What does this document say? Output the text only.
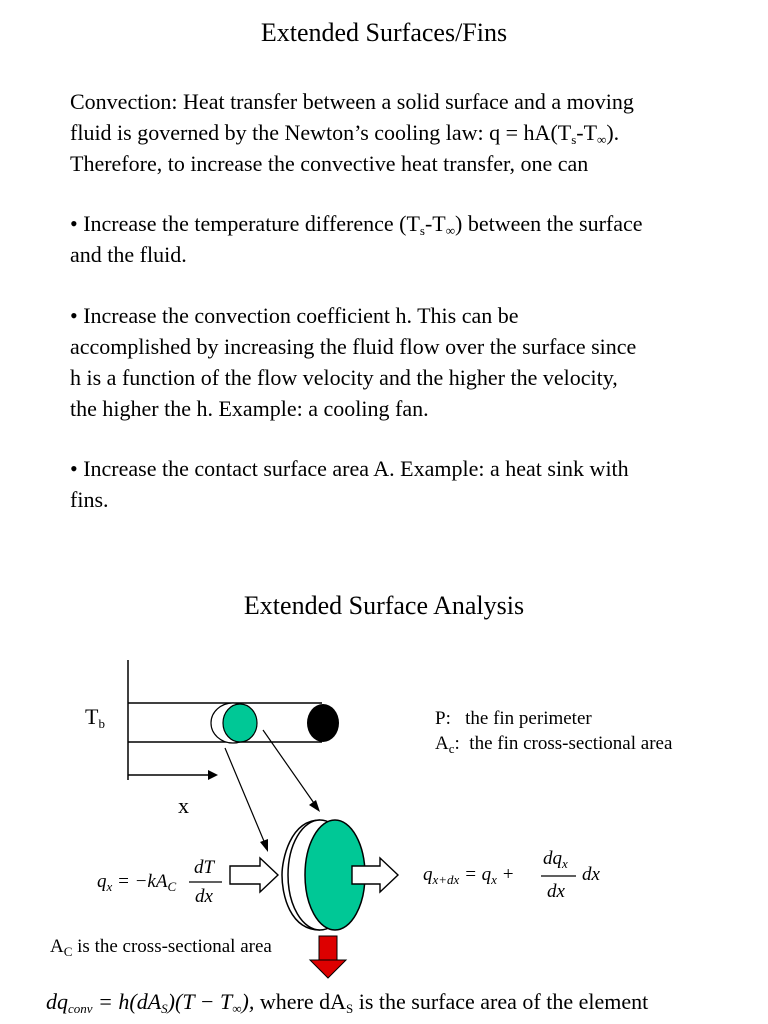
Extended Surfaces/Fins

Convection: Heat transfer between a solid surface and a moving

fluid is governed by the Newton’s cooling law: $q = hA(T_s-T_\infty)$.

Therefore, to increase the convective heat transfer, one can

• Increase the temperature difference $(T_s-T_\infty)$ between the surface

and the fluid.

• Increase the convection coefficient h. This can be

accomplished by increasing the fluid flow over the surface since

h is a function of the flow velocity and the higher the velocity,

the higher the h. Example: a cooling fan.

• Increase the contact surface area A. Example: a heat sink with

fins.

Extended Surface Analysis
$T_b$
x
P: the fin perimeter
$A_c$: the fin cross-sectional area
$q_x = -kA_C$
dT
dx
$q_{x+dx} = q_x$ +
$dq_x$
dx
dx
$A_C$ is the cross-sectional area
$dq_{conv} = h(dA_S)(T - T_\infty)$, where $dA_S$ is the surface area of the element
